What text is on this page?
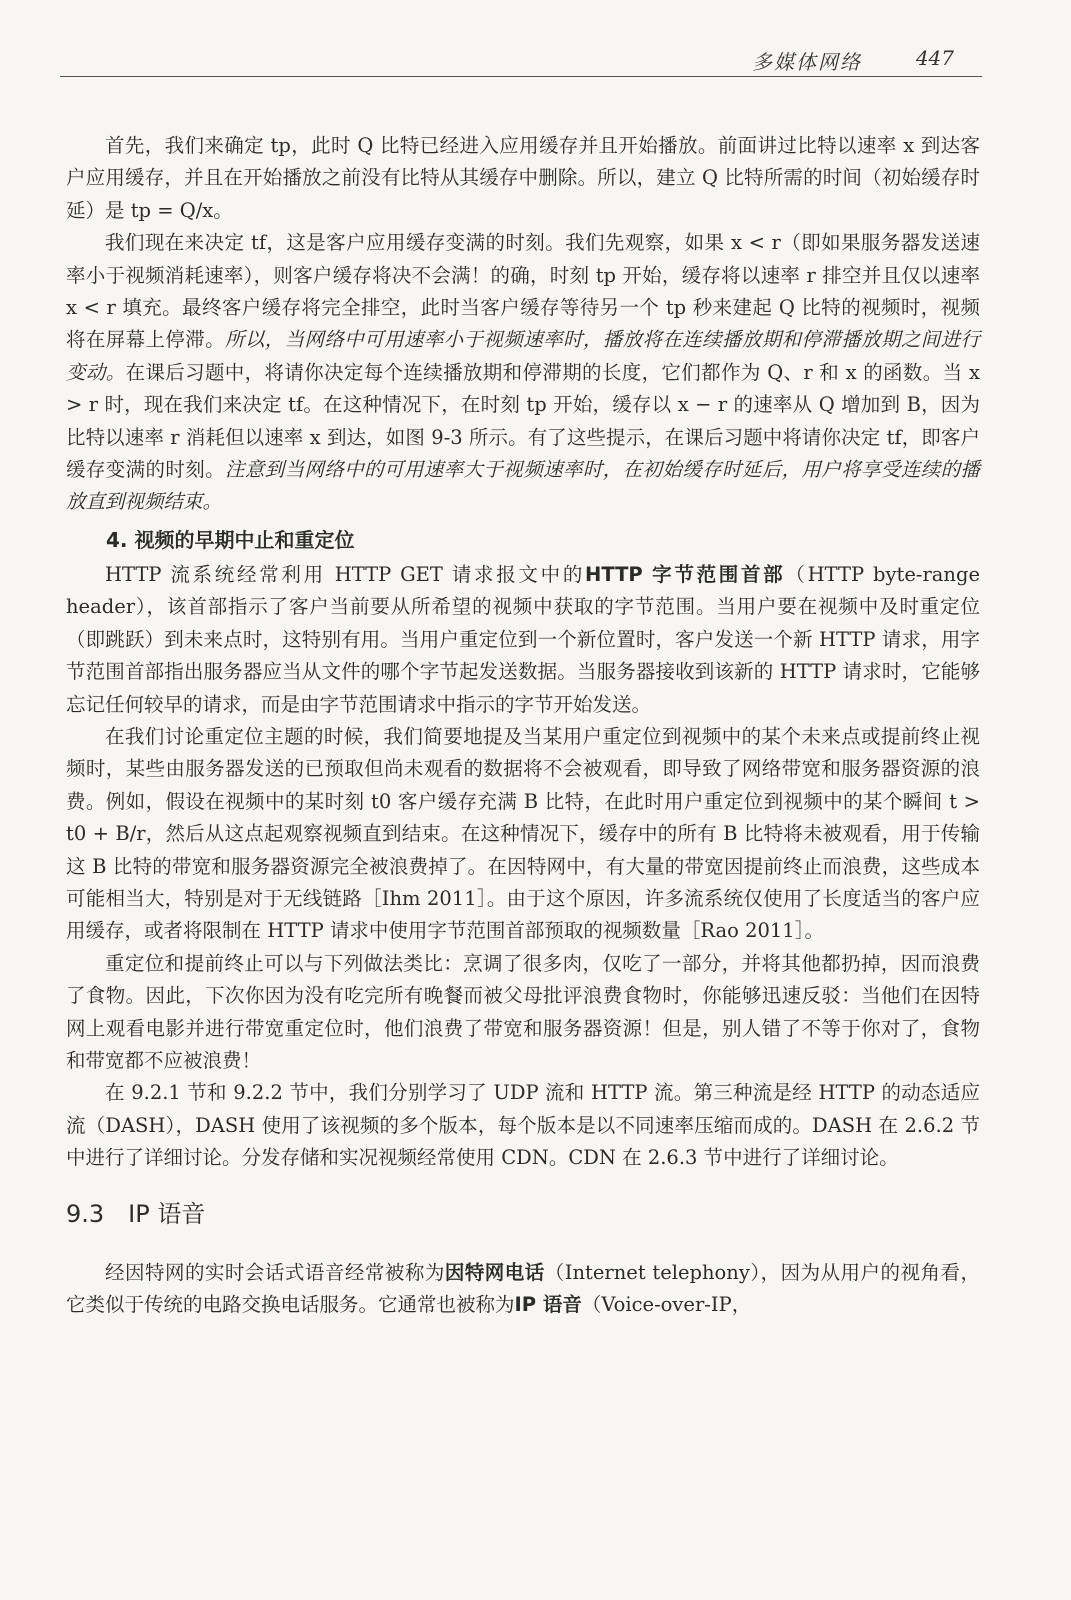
多媒体网络	447

首先，我们来确定 tp，此时 Q 比特已经进入应用缓存并且开始播放。前面讲过比特以速率 x 到达客户应用缓存，并且在开始播放之前没有比特从其缓存中删除。所以，建立 Q 比特所需的时间（初始缓存时延）是 tp = Q/x。

我们现在来决定 tf，这是客户应用缓存变满的时刻。我们先观察，如果 x < r（即如果服务器发送速率小于视频消耗速率），则客户缓存将决不会满！的确，时刻 tp 开始，缓存将以速率 r 排空并且仅以速率 x < r 填充。最终客户缓存将完全排空，此时当客户缓存等待另一个 tp 秒来建起 Q 比特的视频时，视频将在屏幕上停滞。所以，当网络中可用速率小于视频速率时，播放将在连续播放期和停滞播放期之间进行变动。在课后习题中，将请你决定每个连续播放期和停滞期的长度，它们都作为 Q、r 和 x 的函数。当 x > r 时，现在我们来决定 tf。在这种情况下，在时刻 tp 开始，缓存以 x − r 的速率从 Q 增加到 B，因为比特以速率 r 消耗但以速率 x 到达，如图 9-3 所示。有了这些提示，在课后习题中将请你决定 tf，即客户缓存变满的时刻。注意到当网络中的可用速率大于视频速率时，在初始缓存时延后，用户将享受连续的播放直到视频结束。

4. 视频的早期中止和重定位

HTTP 流系统经常利用 HTTP GET 请求报文中的HTTP 字节范围首部（HTTP byte-range header），该首部指示了客户当前要从所希望的视频中获取的字节范围。当用户要在视频中及时重定位（即跳跃）到未来点时，这特别有用。当用户重定位到一个新位置时，客户发送一个新 HTTP 请求，用字节范围首部指出服务器应当从文件的哪个字节起发送数据。当服务器接收到该新的 HTTP 请求时，它能够忘记任何较早的请求，而是由字节范围请求中指示的字节开始发送。

在我们讨论重定位主题的时候，我们简要地提及当某用户重定位到视频中的某个未来点或提前终止视频时，某些由服务器发送的已预取但尚未观看的数据将不会被观看，即导致了网络带宽和服务器资源的浪费。例如，假设在视频中的某时刻 t0 客户缓存充满 B 比特，在此时用户重定位到视频中的某个瞬间 t > t0 + B/r，然后从这点起观察视频直到结束。在这种情况下，缓存中的所有 B 比特将未被观看，用于传输这 B 比特的带宽和服务器资源完全被浪费掉了。在因特网中，有大量的带宽因提前终止而浪费，这些成本可能相当大，特别是对于无线链路［Ihm 2011］。由于这个原因，许多流系统仅使用了长度适当的客户应用缓存，或者将限制在 HTTP 请求中使用字节范围首部预取的视频数量［Rao 2011］。

重定位和提前终止可以与下列做法类比：烹调了很多肉，仅吃了一部分，并将其他都扔掉，因而浪费了食物。因此，下次你因为没有吃完所有晚餐而被父母批评浪费食物时，你能够迅速反驳：当他们在因特网上观看电影并进行带宽重定位时，他们浪费了带宽和服务器资源！但是，别人错了不等于你对了，食物和带宽都不应被浪费！

在 9.2.1 节和 9.2.2 节中，我们分别学习了 UDP 流和 HTTP 流。第三种流是经 HTTP 的动态适应流（DASH），DASH 使用了该视频的多个版本，每个版本是以不同速率压缩而成的。DASH 在 2.6.2 节中进行了详细讨论。分发存储和实况视频经常使用 CDN。CDN 在 2.6.3 节中进行了详细讨论。

9.3 IP 语音

经因特网的实时会话式语音经常被称为因特网电话（Internet telephony），因为从用户的视角看，它类似于传统的电路交换电话服务。它通常也被称为IP 语音（Voice-over-IP，
